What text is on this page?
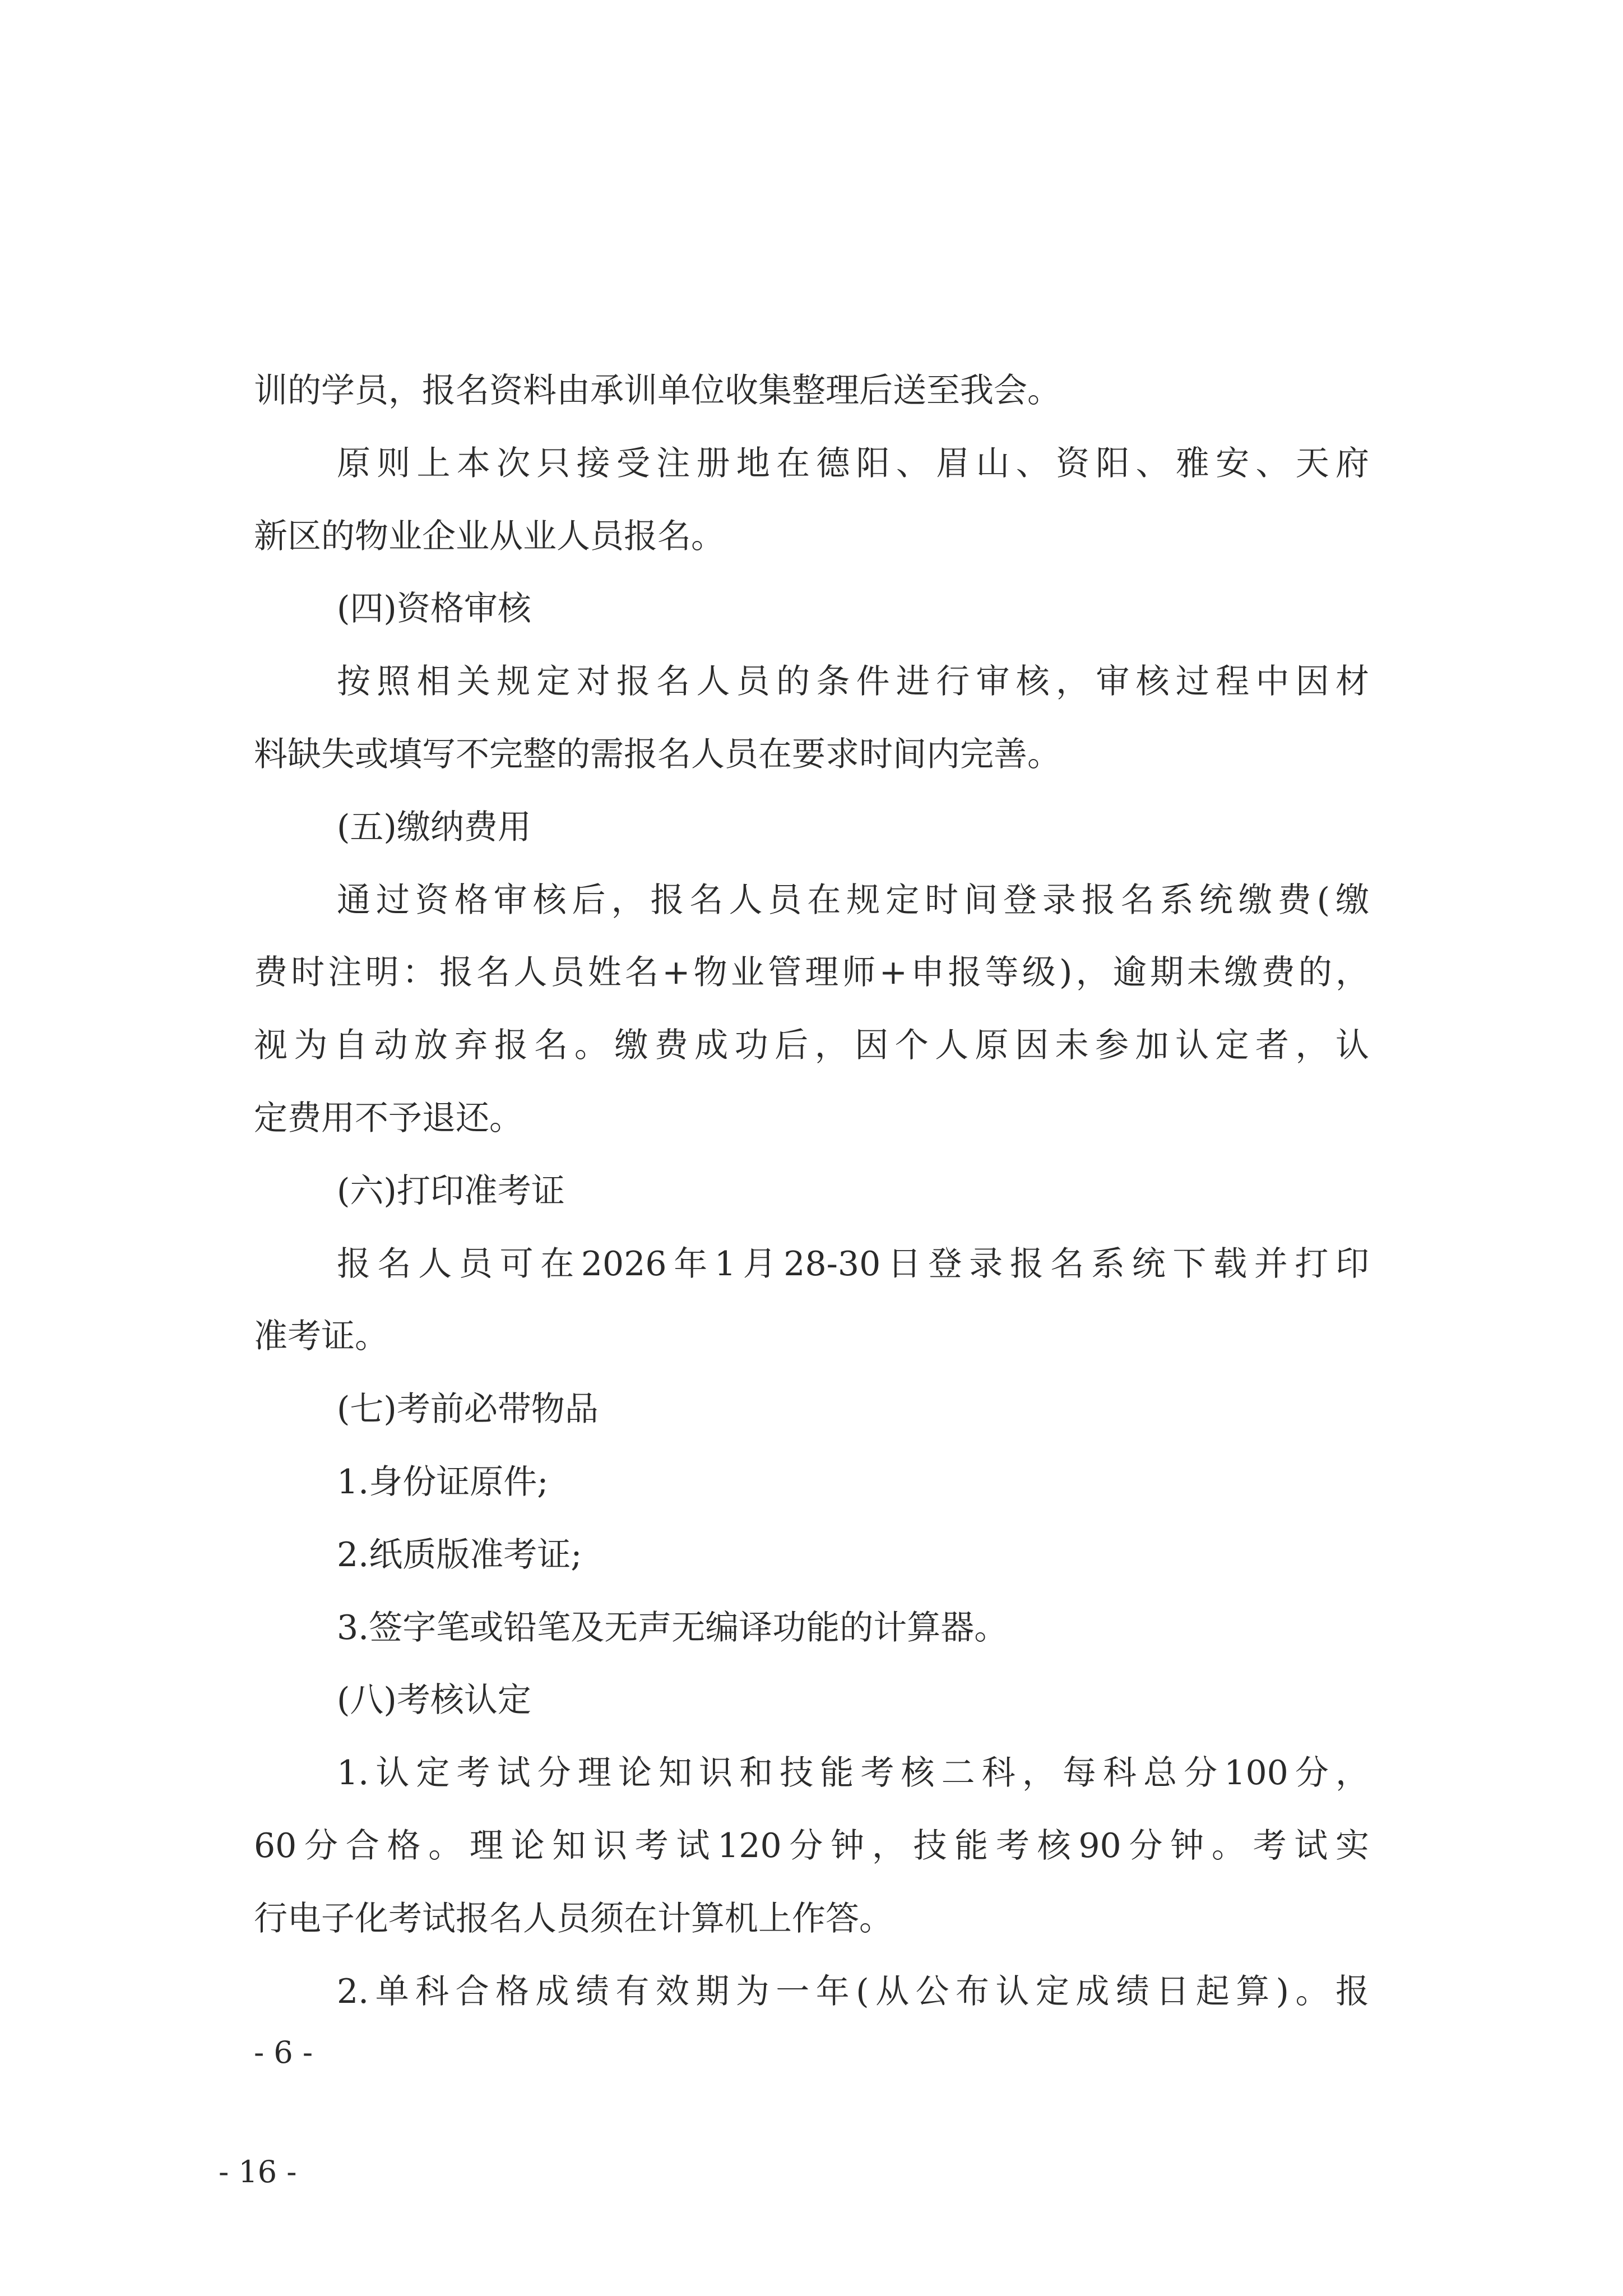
训的学员，报名资料由承训单位收集整理后送至我会。
原则上本次只接受注册地在德阳、眉山、资阳、雅安、天府
新区的物业企业从业人员报名。
(四)资格审核
按照相关规定对报名人员的条件进行审核，审核过程中因材
料缺失或填写不完整的需报名人员在要求时间内完善。
(五)缴纳费用
通过资格审核后，报名人员在规定时间登录报名系统缴费(缴
费时注明：报名人员姓名+物业管理师+申报等级)，逾期未缴费的，
视为自动放弃报名。缴费成功后，因个人原因未参加认定者，认
定费用不予退还。
(六)打印准考证
报名人员可在2026年1月28-30日登录报名系统下载并打印
准考证。
(七)考前必带物品
1.身份证原件;
2.纸质版准考证;
3.签字笔或铅笔及无声无编译功能的计算器。
(八)考核认定
1.认定考试分理论知识和技能考核二科，每科总分100分，
60分合格。理论知识考试120分钟，技能考核90分钟。考试实
行电子化考试报名人员须在计算机上作答。
2.单科合格成绩有效期为一年(从公布认定成绩日起算)。报
- 6 -
- 16 -
